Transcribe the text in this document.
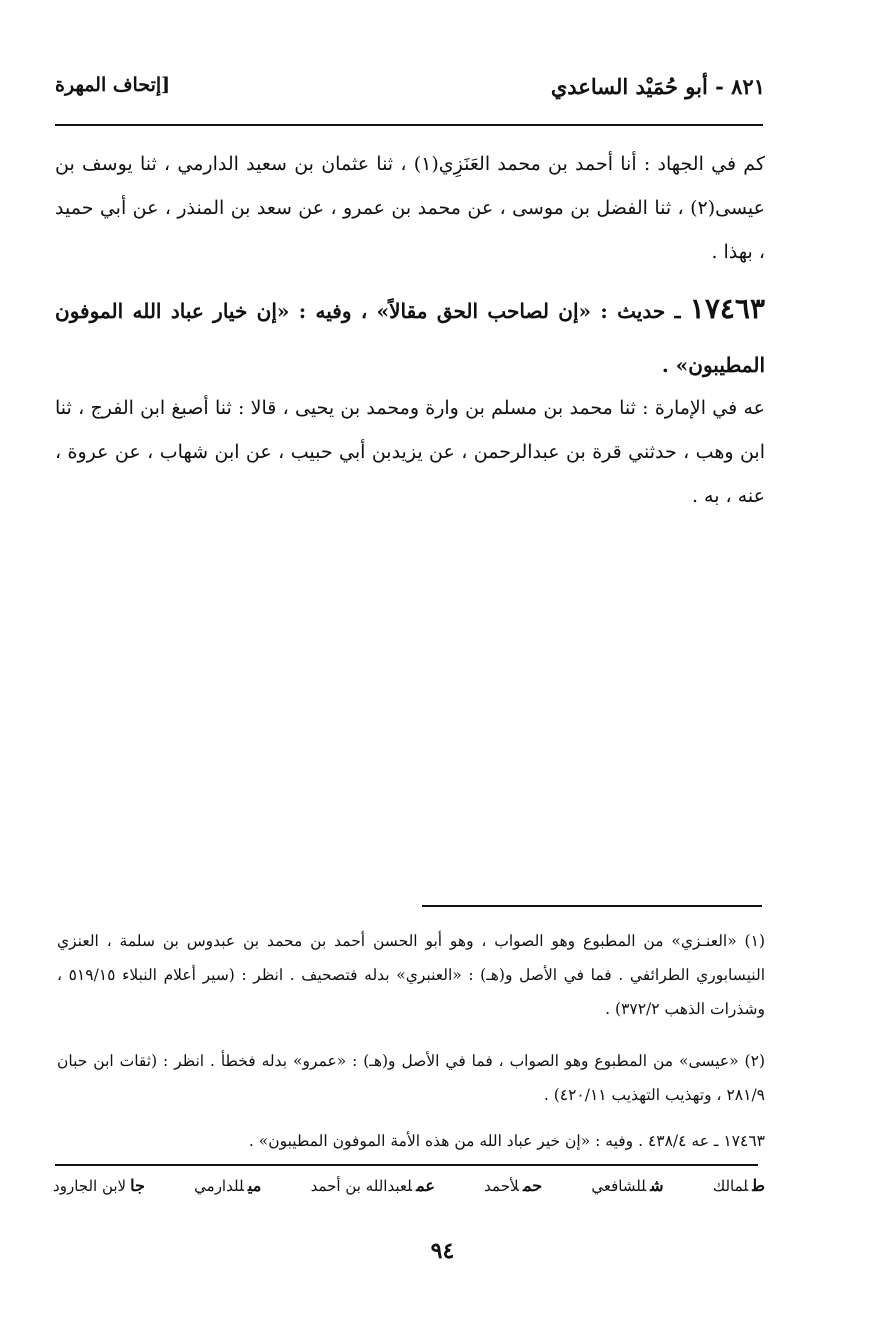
٨٢١ - أبو حُمَيْد الساعدي
[إتحاف المهرة
كم في الجهاد : أنا أحمد بن محمد العَنَزِي(١) ، ثنا عثمان بن سعيد الدارمي ، ثنا يوسف بن عيسى(٢) ، ثنا الفضل بن موسى ، عن محمد بن عمرو ، عن سعد بن المنذر ، عن أبي حميد ، بهذا .
١٧٤٦٣ ـ حديث : «إن لصاحب الحق مقالاً» ، وفيه : «إن خيار عباد الله الموفون المطيبون» .
عه في الإمارة : ثنا محمد بن مسلم بن وارة ومحمد بن يحيى ، قالا : ثنا أصبغ ابن الفرج ، ثنا ابن وهب ، حدثني قرة بن عبدالرحمن ، عن يزيدبن أبي حبيب ، عن ابن شهاب ، عن عروة ، عنه ، به .
(١) «العنـزي» من المطبوع وهو الصواب ، وهو أبو الحسن أحمد بن محمد بن عبدوس بن سلمة ، العنزي النيسابوري الطرائفي . فما في الأصل و(هـ) : «العنبري» بدله فتصحيف . انظر : (سير أعلام النبلاء ٥١٩/١٥ ، وشذرات الذهب ٣٧٢/٢) .
(٢) «عيسى» من المطبوع وهو الصواب ، فما في الأصل و(هـ) : «عمرو» بدله فخطأ . انظر : (ثقات ابن حبان ٢٨١/٩ ، وتهذيب التهذيب ٤٢٠/١١) .
١٧٤٦٣ ـ عه ٤٣٨/٤ . وفيه : «إن خير عباد الله من هذه الأمة الموفون المطيبون» .
طلمالك
شللشافعي
حملأحمد
عملعبدالله بن أحمد
ميللدارمي
جالابن الجارود
٩٤
